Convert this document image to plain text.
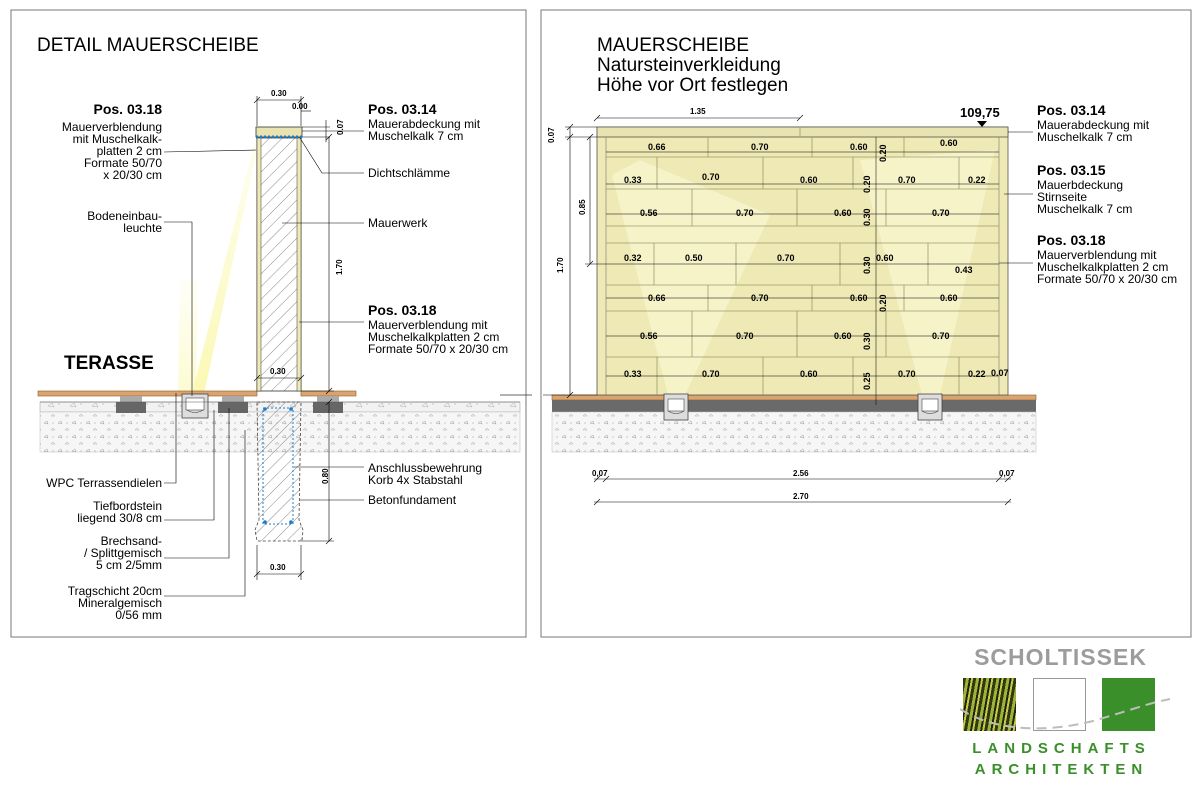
DETAIL MAUERSCHEIBE
0.30
0.00
0.07
1.70
0.30
0.80
0.30
TERASSE
Pos. 03.18
Mauerverblendung
mit Muschelkalk-
platten 2 cm
Formate 50/70
x 20/30 cm
Bodeneinbau-
leuchte
WPC Terrassendielen
Tiefbordstein
liegend 30/8 cm
Brechsand-
/ Splittgemisch
5 cm 2/5mm
Tragschicht 20cm
Mineralgemisch
0/56 mm
Pos. 03.14
Mauerabdeckung mit
Muschelkalk 7 cm
Dichtschlämme
Mauerwerk
Pos. 03.18
Mauerverblendung mit
Muschelkalkplatten 2 cm
Formate 50/70 x 20/30 cm
Anschlussbewehrung
Korb 4x Stabstahl
Betonfundament
MAUERSCHEIBE
Natursteinverkleidung
Höhe vor Ort festlegen
0.66	0.70	0.60	0.60
0.20
0.33	0.70	0.60	0.70	0.22
0.20
0.56	0.70	0.60	0.70
0.30
0.32	0.50	0.70	0.60
0.43
0.30
0.66	0.70	0.60	0.60
0.20
0.56	0.70	0.60	0.70
0.30
0.33	0.70	0.60	0.70	0.22
0.25
1.35	109,75
0.07
0.85
1.70
0.07
0,07	2.56	0,07
2.70
Pos. 03.14
Mauerabdeckung mit
Muschelkalk 7 cm
Pos. 03.15
Mauerbdeckung
Stirnseite
Muschelkalk 7 cm
Pos. 03.18
Mauerverblendung mit
Muschelkalkplatten 2 cm
Formate 50/70 x 20/30 cm
SCHOLTISSEK
LANDSCHAFTS
ARCHITEKTEN
